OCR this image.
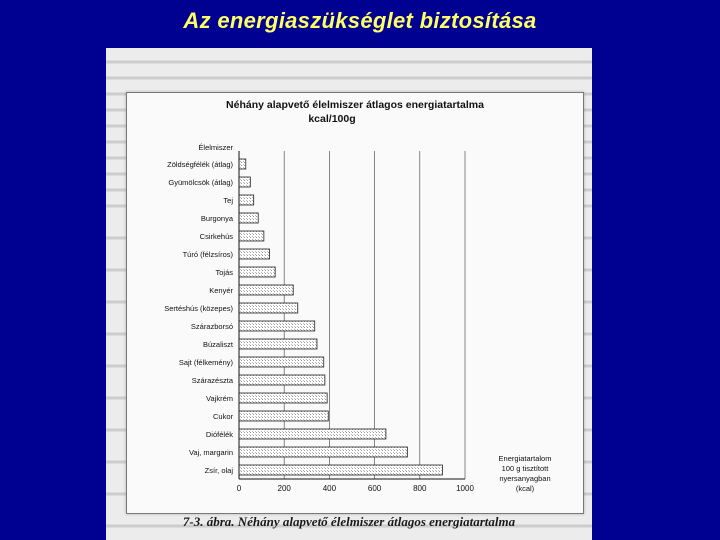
Az energiaszükséglet biztosítása
Néhány alapvető élelmiszer átlagos energiatartalma
kcal/100g
Élelmiszer
0	200	400	600	800	1000
Zöldségfélék (átlag)
Gyümölcsök (átlag)
Tej
Burgonya
Csirkehús
Túró (félzsíros)
Tojás
Kenyér
Sertéshús (közepes)
Szárazborsó
Búzaliszt
Sajt (félkemény)
Szárazészta
Vajkrém
Cukor
Diófélék
Vaj, margarin
Zsír, olaj
Energiatartalom
100 g tisztított
nyersanyagban
(kcal)
7-3. ábra. Néhány alapvető élelmiszer átlagos energiatartalma
